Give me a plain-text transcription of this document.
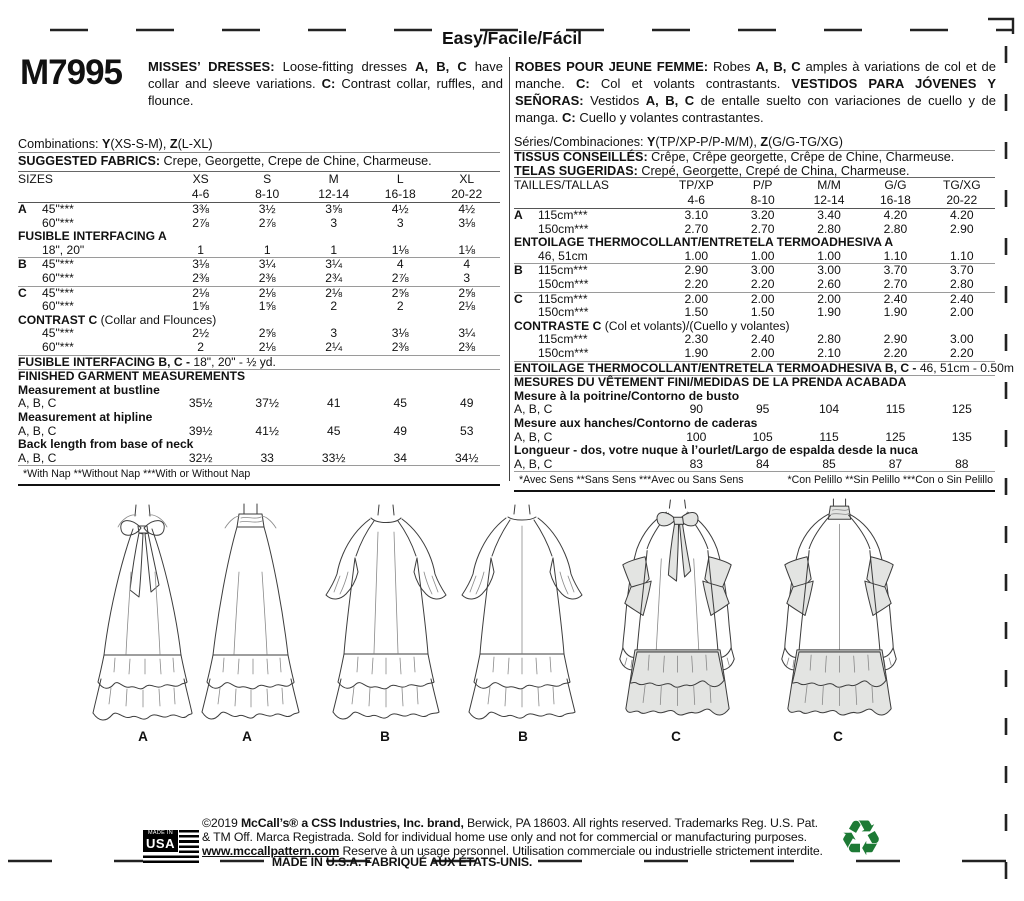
Easy/Facile/Fácil
M7995 MISSES’ DRESSES: Loose-fitting dresses A, B, C have collar and sleeve variations. C: Contrast collar, ruffles, and flounce.
ROBES POUR JEUNE FEMME: Robes A, B, C amples à variations de col et de manche. C: Col et volants contrastants. VESTIDOS PARA JÓVENES Y SEÑORAS: Vestidos A, B, C de entalle suelto con variaciones de cuello y de manga. C: Cuello y volantes contrastantes.
Combinations: Y(XS-S-M), Z(L-XL)
SUGGESTED FABRICS: Crepe, Georgette, Crepe de Chine, Charmeuse.
Séries/Combinaciones: Y(TP/XP-P/P-M/M), Z(G/G-TG/XG)
TISSUS CONSEILLÉS: Crêpe, Crêpe georgette, Crêpe de Chine, Charmeuse.
TELAS SUGERIDAS: Crepé, Georgette, Crepé de China, Charmeuse.
SIZES	XS	S	M	L	XL
	4-6	8-10	12-14	16-18	20-22
A 45"***	3⅜	3½	3⅝	4½	4½
60"***	2⅞	2⅞	3	3	3⅛
FUSIBLE INTERFACING A					
18", 20"	1	1	1	1⅛	1⅛
B 45"***	3⅛	3¼	3¼	4	4
60"***	2⅜	2⅜	2¾	2⅞	3
C 45"***	2⅛	2⅛	2⅛	2⅝	2⅝
60"***	1⅝	1⅝	2	2	2⅛
CONTRAST C (Collar and Flounces)					
45"***	2½	2⅝	3	3⅛	3¼
60"***	2	2⅛	2¼	2⅜	2⅜
FUSIBLE INTERFACING B, C - 18", 20" - ½ yd.					
FINISHED GARMENT MEASUREMENTS					
Measurement at bustline					
A, B, C	35½	37½	41	45	49
Measurement at hipline					
A, B, C	39½	41½	45	49	53
Back length from base of neck					
A, B, C	32½	33	33½	34	34½
*With Nap **Without Nap ***With or Without Nap					
TAILLES/TALLAS	TP/XP	P/P	M/M	G/G	TG/XG
	4-6	8-10	12-14	16-18	20-22
A 115cm***	3.10	3.20	3.40	4.20	4.20
150cm***	2.70	2.70	2.80	2.80	2.90
ENTOILAGE THERMOCOLLANT/ENTRETELA TERMOADHESIVA A					
46, 51cm	1.00	1.00	1.00	1.10	1.10
B 115cm***	2.90	3.00	3.00	3.70	3.70
150cm***	2.20	2.20	2.60	2.70	2.80
C 115cm***	2.00	2.00	2.00	2.40	2.40
150cm***	1.50	1.50	1.90	1.90	2.00
CONTRASTE C (Col et volants)/(Cuello y volantes)					
115cm***	2.30	2.40	2.80	2.90	3.00
150cm***	1.90	2.00	2.10	2.20	2.20
ENTOILAGE THERMOCOLLANT/ENTRETELA TERMOADHESIVA B, C - 46, 51cm - 0.50m					
MESURES DU VÊTEMENT FINI/MEDIDAS DE LA PRENDA ACABADA					
Mesure à la poitrine/Contorno de busto					
A, B, C	90	95	104	115	125
Mesure aux hanches/Contorno de caderas					
A, B, C	100	105	115	125	135
Longueur - dos, votre nuque à l’ourlet/Largo de espalda desde la nuca					
A, B, C	83	84	85	87	88

*Avec Sens **Sans Sens ***Avec ou Sans Sens *Con Pelillo **Sin Pelillo ***Con o Sin Pelillo					
A	A	B	B	C	C
MADE IN
USA
©2019 McCall’s® a CSS Industries, Inc. brand, Berwick, PA 18603. All rights reserved. Trademarks Reg. U.S. Pat.
& TM Off. Marca Registrada. Sold for individual home use only and not for commercial or manufacturing purposes.
www.mccallpattern.com Reserve à un usage personnel. Utilisation commerciale ou industrielle strictement interdite.
MADE IN U.S.A. FABRIQUÉ AUX ÉTATS-UNIS.	♻
